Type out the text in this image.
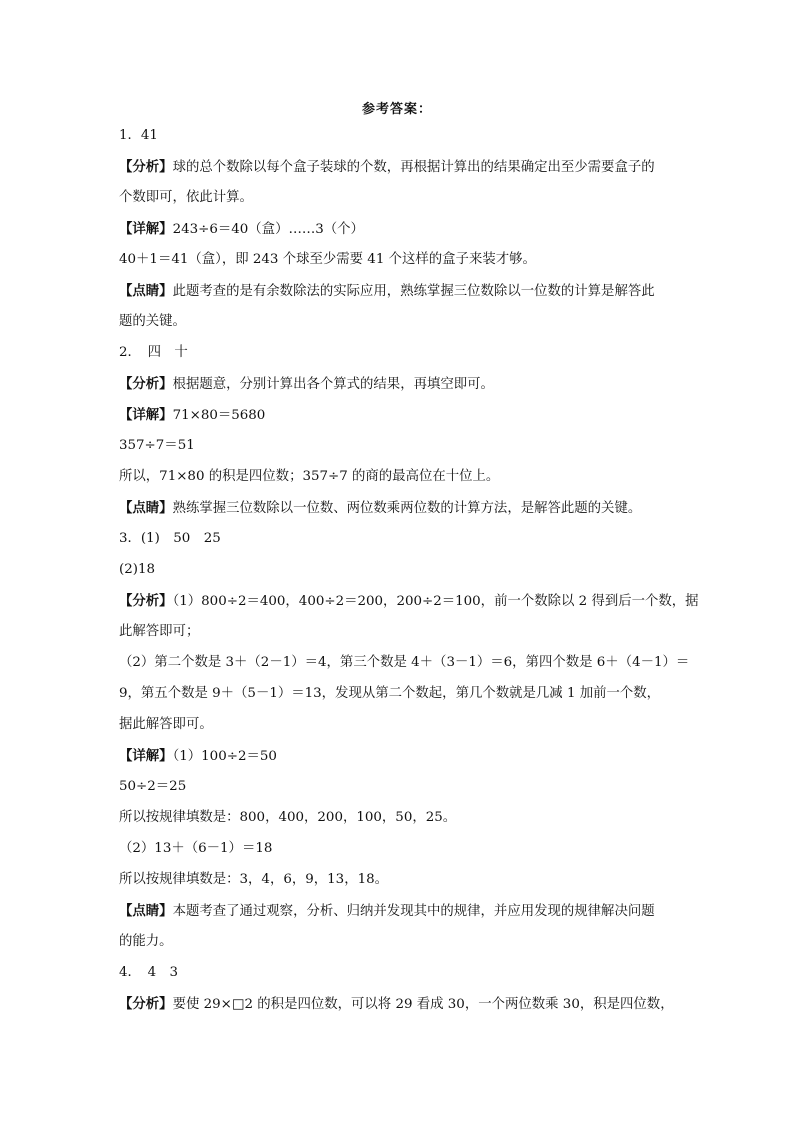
参考答案：
1．41
【分析】球的总个数除以每个盒子装球的个数，再根据计算出的结果确定出至少需要盒子的
个数即可，依此计算。
【详解】243÷6＝40（盒）……3（个）
40＋1＝41（盒），即 243 个球至少需要 41 个这样的盒子来装才够。
【点睛】此题考查的是有余数除法的实际应用，熟练掌握三位数除以一位数的计算是解答此
题的关键。
2．　四　十
【分析】根据题意，分别计算出各个算式的结果，再填空即可。
【详解】71×80＝5680
357÷7＝51
所以，71×80 的积是四位数；357÷7 的商的最高位在十位上。
【点睛】熟练掌握三位数除以一位数、两位数乘两位数的计算方法，是解答此题的关键。
3．(1)　50　25
(2)18
【分析】（1）800÷2＝400，400÷2＝200，200÷2＝100，前一个数除以 2 得到后一个数，据
此解答即可；
（2）第二个数是 3＋（2－1）＝4，第三个数是 4＋（3－1）＝6，第四个数是 6＋（4－1）＝
9，第五个数是 9＋（5－1）＝13，发现从第二个数起，第几个数就是几减 1 加前一个数，
据此解答即可。
【详解】（1）100÷2＝50
50÷2＝25
所以按规律填数是：800，400，200，100，50，25。
（2）13＋（6－1）＝18
所以按规律填数是：3，4，6，9，13，18。
【点睛】本题考查了通过观察，分析、归纳并发现其中的规律，并应用发现的规律解决问题
的能力。
4．　4　3
【分析】要使 29×□2 的积是四位数，可以将 29 看成 30，一个两位数乘 30，积是四位数，
